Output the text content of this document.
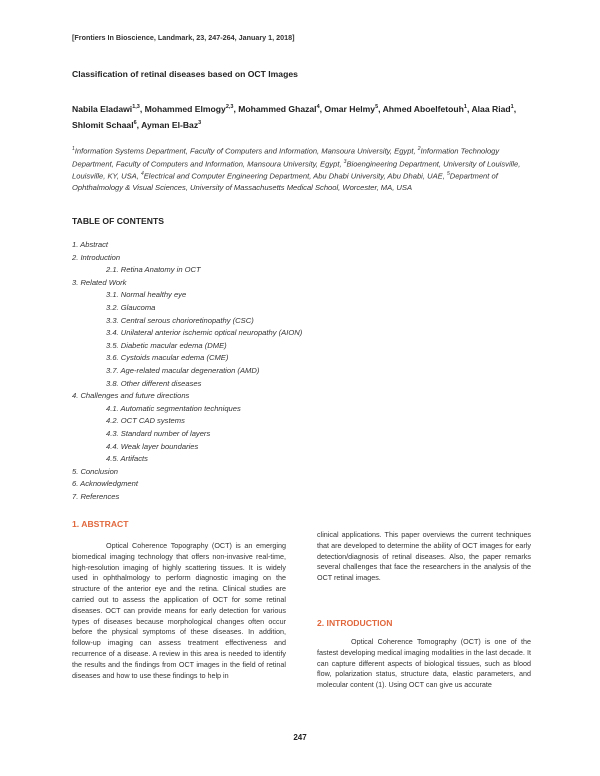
[Frontiers In Bioscience, Landmark, 23, 247-264, January 1, 2018]
Classification of retinal diseases based on OCT Images
Nabila Eladawi$^{1,3}$, Mohammed Elmogy$^{2,3}$, Mohammed Ghazal$^4$, Omar Helmy$^5$, Ahmed Aboelfetouh$^1$, Alaa Riad$^1$, Shlomit Schaal$^6$, Ayman El-Baz$^3$
$^1$Information Systems Department, Faculty of Computers and Information, Mansoura University, Egypt, $^2$Information Technology Department, Faculty of Computers and Information, Mansoura University, Egypt, $^3$Bioengineering Department, University of Louisville, Louisville, KY, USA, $^4$Electrical and Computer Engineering Department, Abu Dhabi University, Abu Dhabi, UAE, $^5$Department of Ophthalmology & Visual Sciences, University of Massachusetts Medical School, Worcester, MA, USA
TABLE OF CONTENTS
1. Abstract
2. Introduction
2.1. Retina Anatomy in OCT
3. Related Work
3.1. Normal healthy eye
3.2. Glaucoma
3.3. Central serous chorioretinopathy (CSC)
3.4. Unilateral anterior ischemic optical neuropathy (AION)
3.5. Diabetic macular edema (DME)
3.6. Cystoids macular edema (CME)
3.7. Age-related macular degeneration (AMD)
3.8. Other different diseases
4. Challenges and future directions
4.1. Automatic segmentation techniques
4.2. OCT CAD systems
4.3. Standard number of layers
4.4. Weak layer boundaries
4.5. Artifacts
5. Conclusion
6. Acknowledgment
7. References
1. ABSTRACT

Optical Coherence Topography (OCT) is an emerging biomedical imaging technology that offers non-invasive real-time, high-resolution imaging of highly scattering tissues. It is widely used in ophthalmology to perform diagnostic imaging on the structure of the anterior eye and the retina. Clinical studies are carried out to assess the application of OCT for some retinal diseases. OCT can provide means for early detection for various types of diseases because morphological changes often occur before the physical symptoms of these diseases. In addition, follow-up imaging can assess treatment effectiveness and recurrence of a disease. A review in this area is needed to identify the results and the findings from OCT images in the field of retinal diseases and how to use these findings to help in

clinical applications. This paper overviews the current techniques that are developed to determine the ability of OCT images for early detection/diagnosis of retinal diseases. Also, the paper remarks several challenges that face the researchers in the analysis of the OCT retinal images.

2. INTRODUCTION

Optical Coherence Tomography (OCT) is one of the fastest developing medical imaging modalities in the last decade. It can capture different aspects of biological tissues, such as blood flow, polarization status, structure data, elastic parameters, and molecular content (1). Using OCT can give us accurate

247
